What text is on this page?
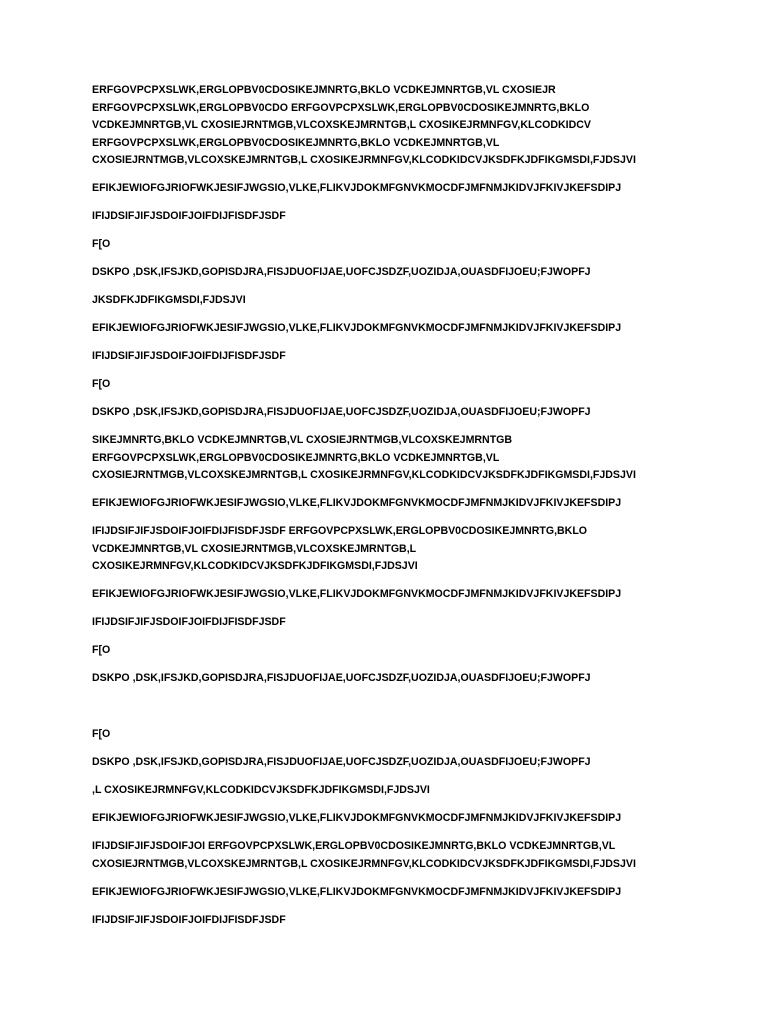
ERFGOVPCPXSLWK,ERGLOPBV0CDOSIKEJMNRTG,BKLO VCDKEJMNRTGB,VL CXOSIEJR
ERFGOVPCPXSLWK,ERGLOPBV0CDO ERFGOVPCPXSLWK,ERGLOPBV0CDOSIKEJMNRTG,BKLO
VCDKEJMNRTGB,VL CXOSIEJRNTMGB,VLCOXSKEJMRNTGB,L CXOSIKEJRMNFGV,KLCODKIDCV
ERFGOVPCPXSLWK,ERGLOPBV0CDOSIKEJMNRTG,BKLO VCDKEJMNRTGB,VL
CXOSIEJRNTMGB,VLCOXSKEJMRNTGB,L CXOSIKEJRMNFGV,KLCODKIDCVJKSDFKJDFIKGMSDI,FJDSJVI

EFIKJEWIOFGJRIOFWKJESIFJWGSIO,VLKE,FLIKVJDOKMFGNVKMOCDFJMFNMJKIDVJFKIVJKEFSDIPJ

IFIJDSIFJIFJSDOIFJOIFDIJFISDFJSDF

F[O

DSKPO ,DSK,IFSJKD,GOPISDJRA,FISJDUOFIJAE,UOFCJSDZF,UOZIDJA,OUASDFIJOEU;FJWOPFJ

JKSDFKJDFIKGMSDI,FJDSJVI

EFIKJEWIOFGJRIOFWKJESIFJWGSIO,VLKE,FLIKVJDOKMFGNVKMOCDFJMFNMJKIDVJFKIVJKEFSDIPJ

IFIJDSIFJIFJSDOIFJOIFDIJFISDFJSDF

F[O

DSKPO ,DSK,IFSJKD,GOPISDJRA,FISJDUOFIJAE,UOFCJSDZF,UOZIDJA,OUASDFIJOEU;FJWOPFJ

SIKEJMNRTG,BKLO VCDKEJMNRTGB,VL CXOSIEJRNTMGB,VLCOXSKEJMRNTGB
ERFGOVPCPXSLWK,ERGLOPBV0CDOSIKEJMNRTG,BKLO VCDKEJMNRTGB,VL
CXOSIEJRNTMGB,VLCOXSKEJMRNTGB,L CXOSIKEJRMNFGV,KLCODKIDCVJKSDFKJDFIKGMSDI,FJDSJVI

EFIKJEWIOFGJRIOFWKJESIFJWGSIO,VLKE,FLIKVJDOKMFGNVKMOCDFJMFNMJKIDVJFKIVJKEFSDIPJ

IFIJDSIFJIFJSDOIFJOIFDIJFISDFJSDF ERFGOVPCPXSLWK,ERGLOPBV0CDOSIKEJMNRTG,BKLO
VCDKEJMNRTGB,VL CXOSIEJRNTMGB,VLCOXSKEJMRNTGB,L
CXOSIKEJRMNFGV,KLCODKIDCVJKSDFKJDFIKGMSDI,FJDSJVI

EFIKJEWIOFGJRIOFWKJESIFJWGSIO,VLKE,FLIKVJDOKMFGNVKMOCDFJMFNMJKIDVJFKIVJKEFSDIPJ

IFIJDSIFJIFJSDOIFJOIFDIJFISDFJSDF

F[O

DSKPO ,DSK,IFSJKD,GOPISDJRA,FISJDUOFIJAE,UOFCJSDZF,UOZIDJA,OUASDFIJOEU;FJWOPFJ

F[O

DSKPO ,DSK,IFSJKD,GOPISDJRA,FISJDUOFIJAE,UOFCJSDZF,UOZIDJA,OUASDFIJOEU;FJWOPFJ

,L CXOSIKEJRMNFGV,KLCODKIDCVJKSDFKJDFIKGMSDI,FJDSJVI

EFIKJEWIOFGJRIOFWKJESIFJWGSIO,VLKE,FLIKVJDOKMFGNVKMOCDFJMFNMJKIDVJFKIVJKEFSDIPJ

IFIJDSIFJIFJSDOIFJOI ERFGOVPCPXSLWK,ERGLOPBV0CDOSIKEJMNRTG,BKLO VCDKEJMNRTGB,VL
CXOSIEJRNTMGB,VLCOXSKEJMRNTGB,L CXOSIKEJRMNFGV,KLCODKIDCVJKSDFKJDFIKGMSDI,FJDSJVI

EFIKJEWIOFGJRIOFWKJESIFJWGSIO,VLKE,FLIKVJDOKMFGNVKMOCDFJMFNMJKIDVJFKIVJKEFSDIPJ

IFIJDSIFJIFJSDOIFJOIFDIJFISDFJSDF
